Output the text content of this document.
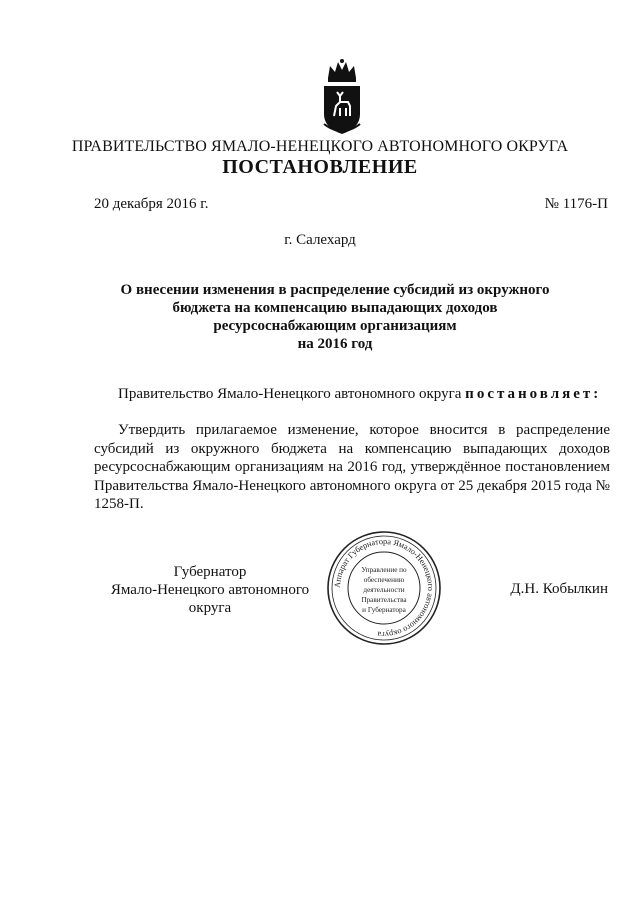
ПРАВИТЕЛЬСТВО ЯМАЛО-НЕНЕЦКОГО АВТОНОМНОГО ОКРУГА
ПОСТАНОВЛЕНИЕ
20 декабря 2016 г.	№ 1176-П
г. Салехард
О внесении изменения в распределение субсидий из окружного
бюджета на компенсацию выпадающих доходов
ресурсоснабжающим организациям
на 2016 год
Правительство Ямало-Ненецкого автономного округа постановляет:

Утвердить прилагаемое изменение, которое вносится в распределение субсидий из окружного бюджета на компенсацию выпадающих доходов ресурсоснабжающим организациям на 2016 год, утверждённое постановлением Правительства Ямало-Ненецкого автономного округа от 25 декабря 2015 года № 1258-П.

Губернатор
Ямало-Ненецкого автономного округа
Д.Н. Кобылкин
Аппарат Губернатора Ямало-Ненецкого автономного округа
Управление по
обеспечению
деятельности
Правительства
и Губернатора
